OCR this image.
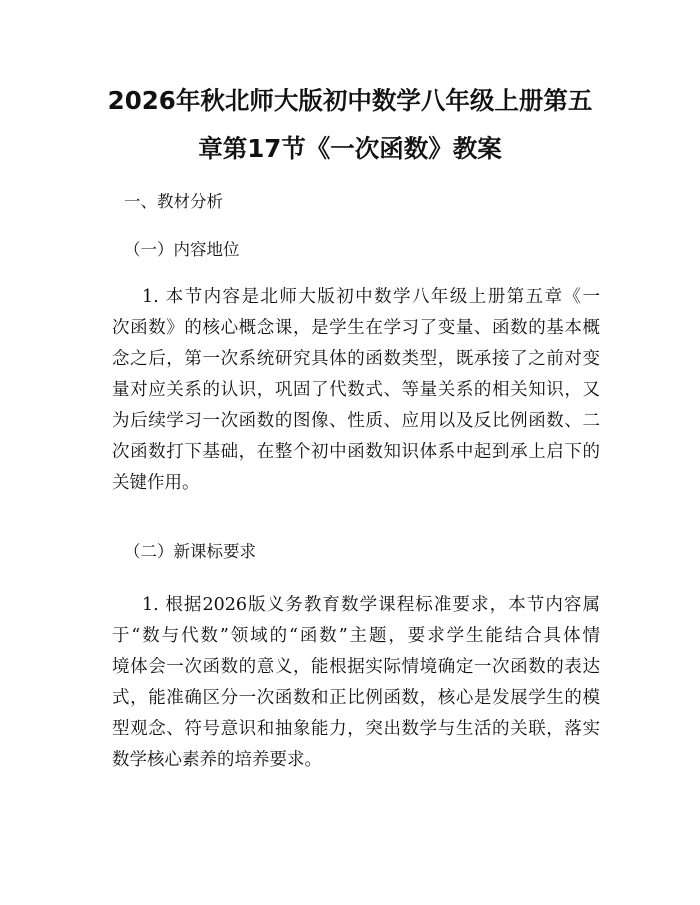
2026年秋北师大版初中数学八年级上册第五
章第17节《一次函数》教案

一、教材分析

（一）内容地位

1. 本节内容是北师大版初中数学八年级上册第五章《一
次函数》的核心概念课，是学生在学习了变量、函数的基本概
念之后，第一次系统研究具体的函数类型，既承接了之前对变
量对应关系的认识，巩固了代数式、等量关系的相关知识，又
为后续学习一次函数的图像、性质、应用以及反比例函数、二
次函数打下基础，在整个初中函数知识体系中起到承上启下的
关键作用。

（二）新课标要求

1. 根据2026版义务教育数学课程标准要求，本节内容属
于“数与代数”领域的“函数”主题，要求学生能结合具体情
境体会一次函数的意义，能根据实际情境确定一次函数的表达
式，能准确区分一次函数和正比例函数，核心是发展学生的模
型观念、符号意识和抽象能力，突出数学与生活的关联，落实
数学核心素养的培养要求。
